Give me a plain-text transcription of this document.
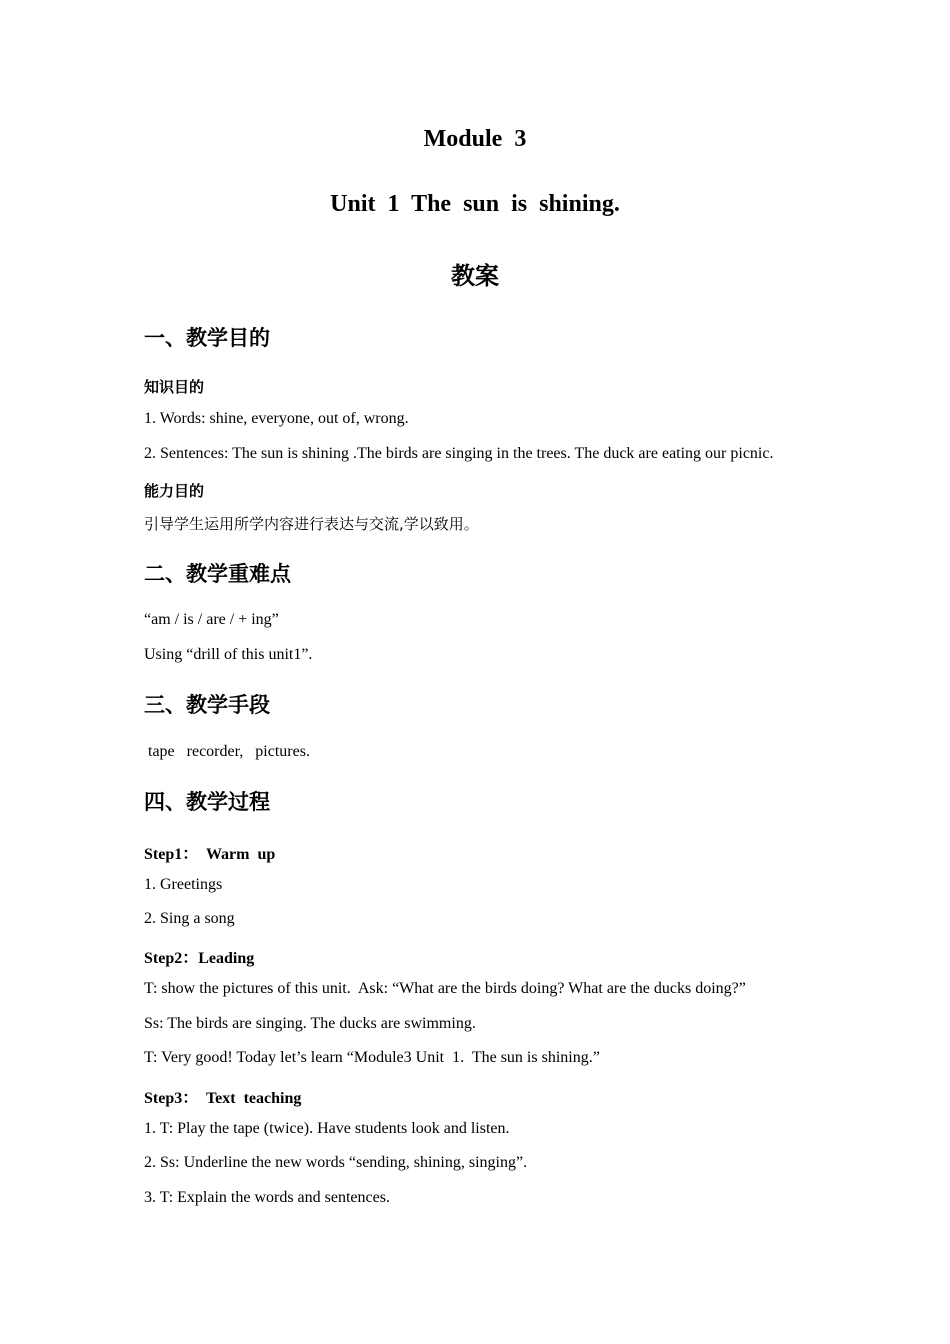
Module  3
Unit  1  The  sun  is  shining.
教案
一、教学目的
知识目的
1. Words: shine, everyone, out of, wrong.
2. Sentences: The sun is shining .The birds are singing in the trees. The duck are eating our picnic.
能力目的
引导学生运用所学内容进行表达与交流,学以致用。
二、教学重难点
“am / is / are / + ing”
Using “drill of this unit1”.
三、教学手段
tape   recorder,   pictures.
四、教学过程
Step1：  Warm  up
1. Greetings
2. Sing a song
Step2：Leading
T: show the pictures of this unit.  Ask: “What are the birds doing? What are the ducks doing?”
Ss: The birds are singing. The ducks are swimming.
T: Very good! Today let’s learn “Module3 Unit  1.  The sun is shining.”
Step3：  Text  teaching
1. T: Play the tape (twice). Have students look and listen.
2. Ss: Underline the new words “sending, shining, singing”.
3. T: Explain the words and sentences.
